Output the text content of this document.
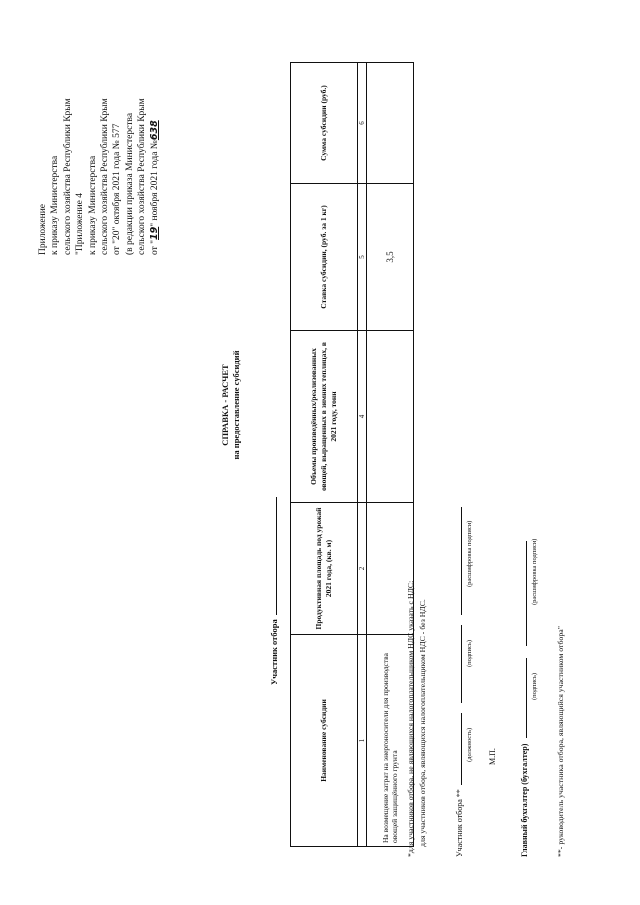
Приложение к приказу Министерства сельского хозяйства Республики Крым "Приложение 4 к приказу Министерства сельского хозяйства Республики Крым от "20" октября 2021 года № 577 (в редакции приказа Министерства сельского хозяйства Республики Крым от "19" ноября 2021 года №638
СПРАВКА - РАСЧЕТ на предоставление субсидий
Участник отбора
Наименование субсидии	Продуктивная площадь под урожай 2021 года, (кв. м)	Объемы произведённых/реализованных овощей, выращенных в зимних теплицах, в 2021 году, тонн	Ставка субсидии, (руб. за 1 кг)	Сумма субсидии (руб.)
1	2	4	5	6
На возмещение затрат на энергоносители для производства овощей защищённого грунта			3,5	
*для участников отбора, не являющихся налогоплательщиком НДС указать с НДС; для участников отбора, являющихся налогоплательщиком НДС - без НДС.	Участник отбора **
(должность)
(подпись)
(расшифровка подписи)
М.П.	Главный бухгалтер (бухгалтер)
(подпись)
(расшифровка подписи)
**- руководитель участника отбора, являющийся участником отбора"
